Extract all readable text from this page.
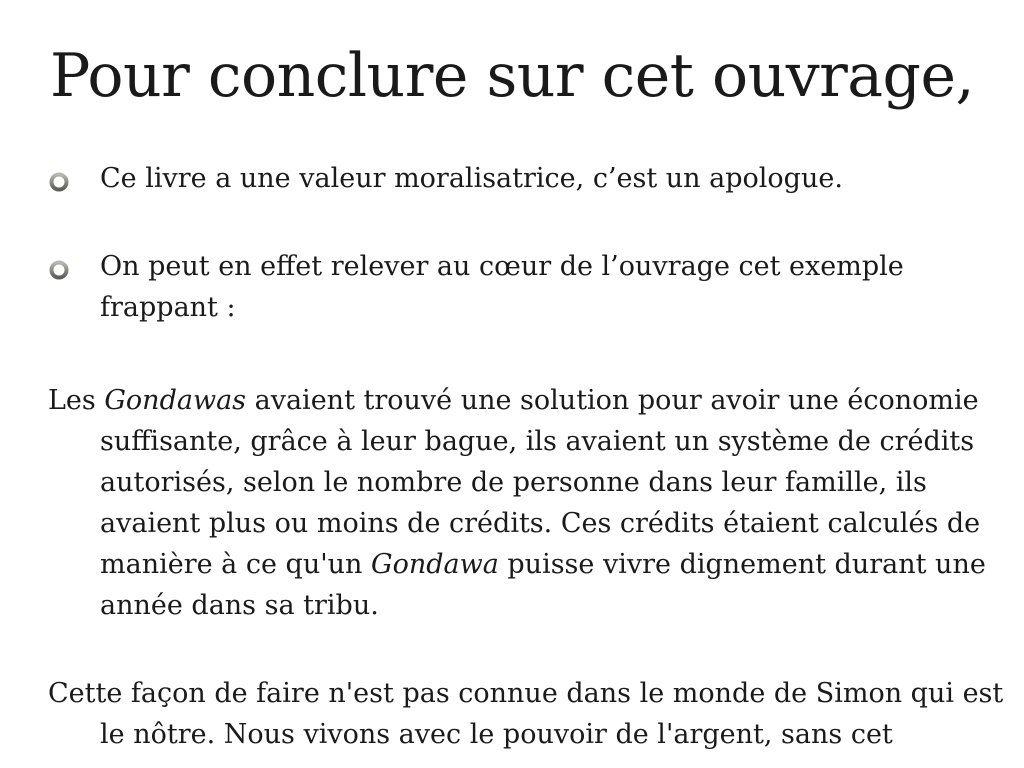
Pour conclure sur cet ouvrage,
Ce livre a une valeur moralisatrice, c’est un apologue.
On peut en effet relever au cœur de l’ouvrage cet exemple frappant :

Les Gondawas avaient trouvé une solution pour avoir une économie suffisante, grâce à leur bague, ils avaient un système de crédits autorisés, selon le nombre de personne dans leur famille, ils avaient plus ou moins de crédits. Ces crédits étaient calculés de manière à ce qu'un Gondawa puisse vivre dignement durant une année dans sa tribu.

Cette façon de faire n'est pas connue dans le monde de Simon qui est le nôtre. Nous vivons avec le pouvoir de l'argent, sans cet
